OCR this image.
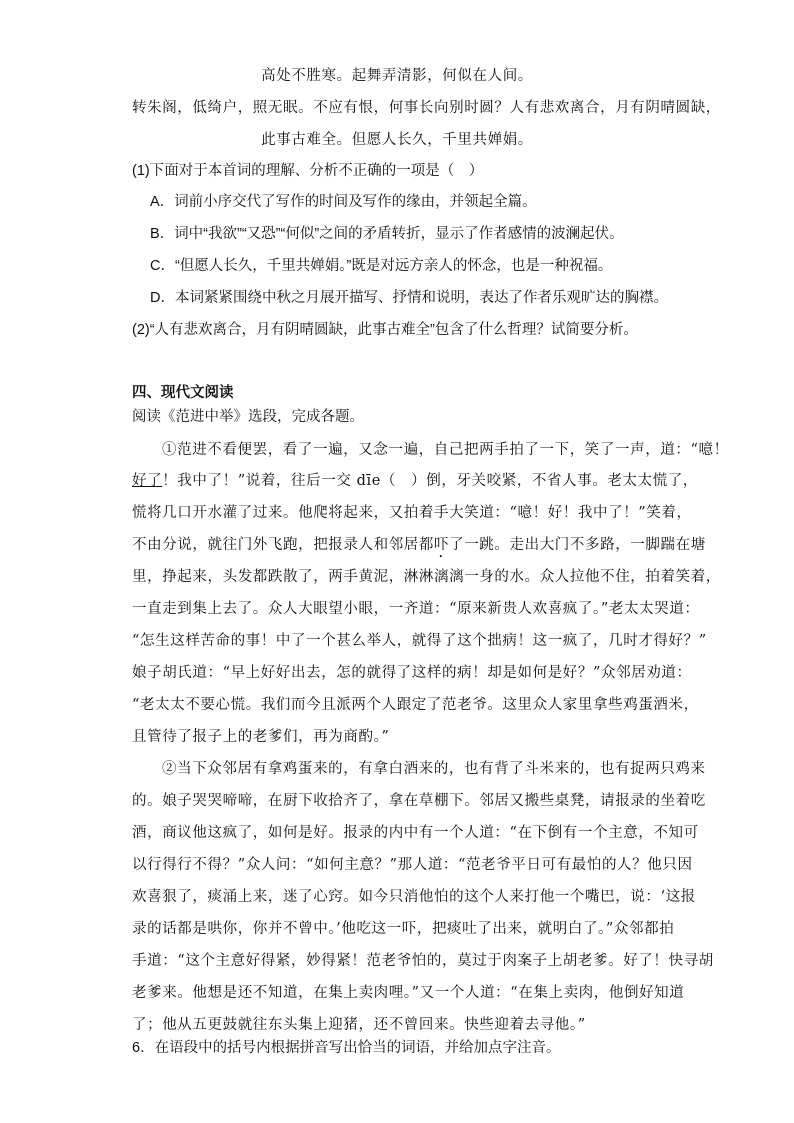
高处不胜寒。起舞弄清影，何似在人间。
转朱阁，低绮户，照无眠。不应有恨，何事长向别时圆？人有悲欢离合，月有阴晴圆缺，
此事古难全。但愿人长久，千里共婵娟。
(1)下面对于本首词的理解、分析不正确的一项是（　）
A．词前小序交代了写作的时间及写作的缘由，并领起全篇。
B．词中“我欲”“又恐”“何似”之间的矛盾转折，显示了作者感情的波澜起伏。
C．“但愿人长久，千里共婵娟。”既是对远方亲人的怀念，也是一种祝福。
D．本词紧紧围绕中秋之月展开描写、抒情和说明，表达了作者乐观旷达的胸襟。
(2)“人有悲欢离合，月有阴晴圆缺，此事古难全”包含了什么哲理？试简要分析。
四、现代文阅读
阅读《范进中举》选段，完成各题。
①范进不看便罢，看了一遍，又念一遍，自己把两手拍了一下，笑了一声，道：“噫！
好了！我中了！”说着，往后一交 dīe（　）倒，牙关咬紧，不省人事。老太太慌了，
慌将几口开水灌了过来。他爬将起来，又拍着手大笑道：“噫！好！我中了！”笑着，
不由分说，就往门外飞跑，把报录人和邻居都吓了一跳。走出大门不多路，一脚踹在塘
里，挣起来，头发都跌散了，两手黄泥，淋淋漓漓一身的水。众人拉他不住，拍着笑着，
一直走到集上去了。众人大眼望小眼，一齐道：“原来新贵人欢喜疯了。”老太太哭道：
“怎生这样苦命的事！中了一个甚么举人，就得了这个拙病！这一疯了，几时才得好？”
娘子胡氏道：“早上好好出去，怎的就得了这样的病！却是如何是好？”众邻居劝道：
“老太太不要心慌。我们而今且派两个人跟定了范老爷。这里众人家里拿些鸡蛋酒米，
且管待了报子上的老爹们，再为商酌。”
②当下众邻居有拿鸡蛋来的，有拿白酒来的，也有背了斗米来的，也有捉两只鸡来
的。娘子哭哭啼啼，在厨下收拾齐了，拿在草棚下。邻居又搬些桌凳，请报录的坐着吃
酒，商议他这疯了，如何是好。报录的内中有一个人道：“在下倒有一个主意，不知可
以行得行不得？”众人问：“如何主意？”那人道：“范老爷平日可有最怕的人？他只因
欢喜狠了，痰涌上来，迷了心窍。如今只消他怕的这个人来打他一个嘴巴，说：‘这报
录的话都是哄你，你并不曾中。’他吃这一吓，把痰吐了出来，就明白了。”众邻都拍
手道：“这个主意好得紧，妙得紧！范老爷怕的，莫过于肉案子上胡老爹。好了！快寻胡
老爹来。他想是还不知道，在集上卖肉哩。”又一个人道：“在集上卖肉，他倒好知道
了；他从五更鼓就往东头集上迎猪，还不曾回来。快些迎着去寻他。”
6．在语段中的括号内根据拼音写出恰当的词语，并给加点字注音。
